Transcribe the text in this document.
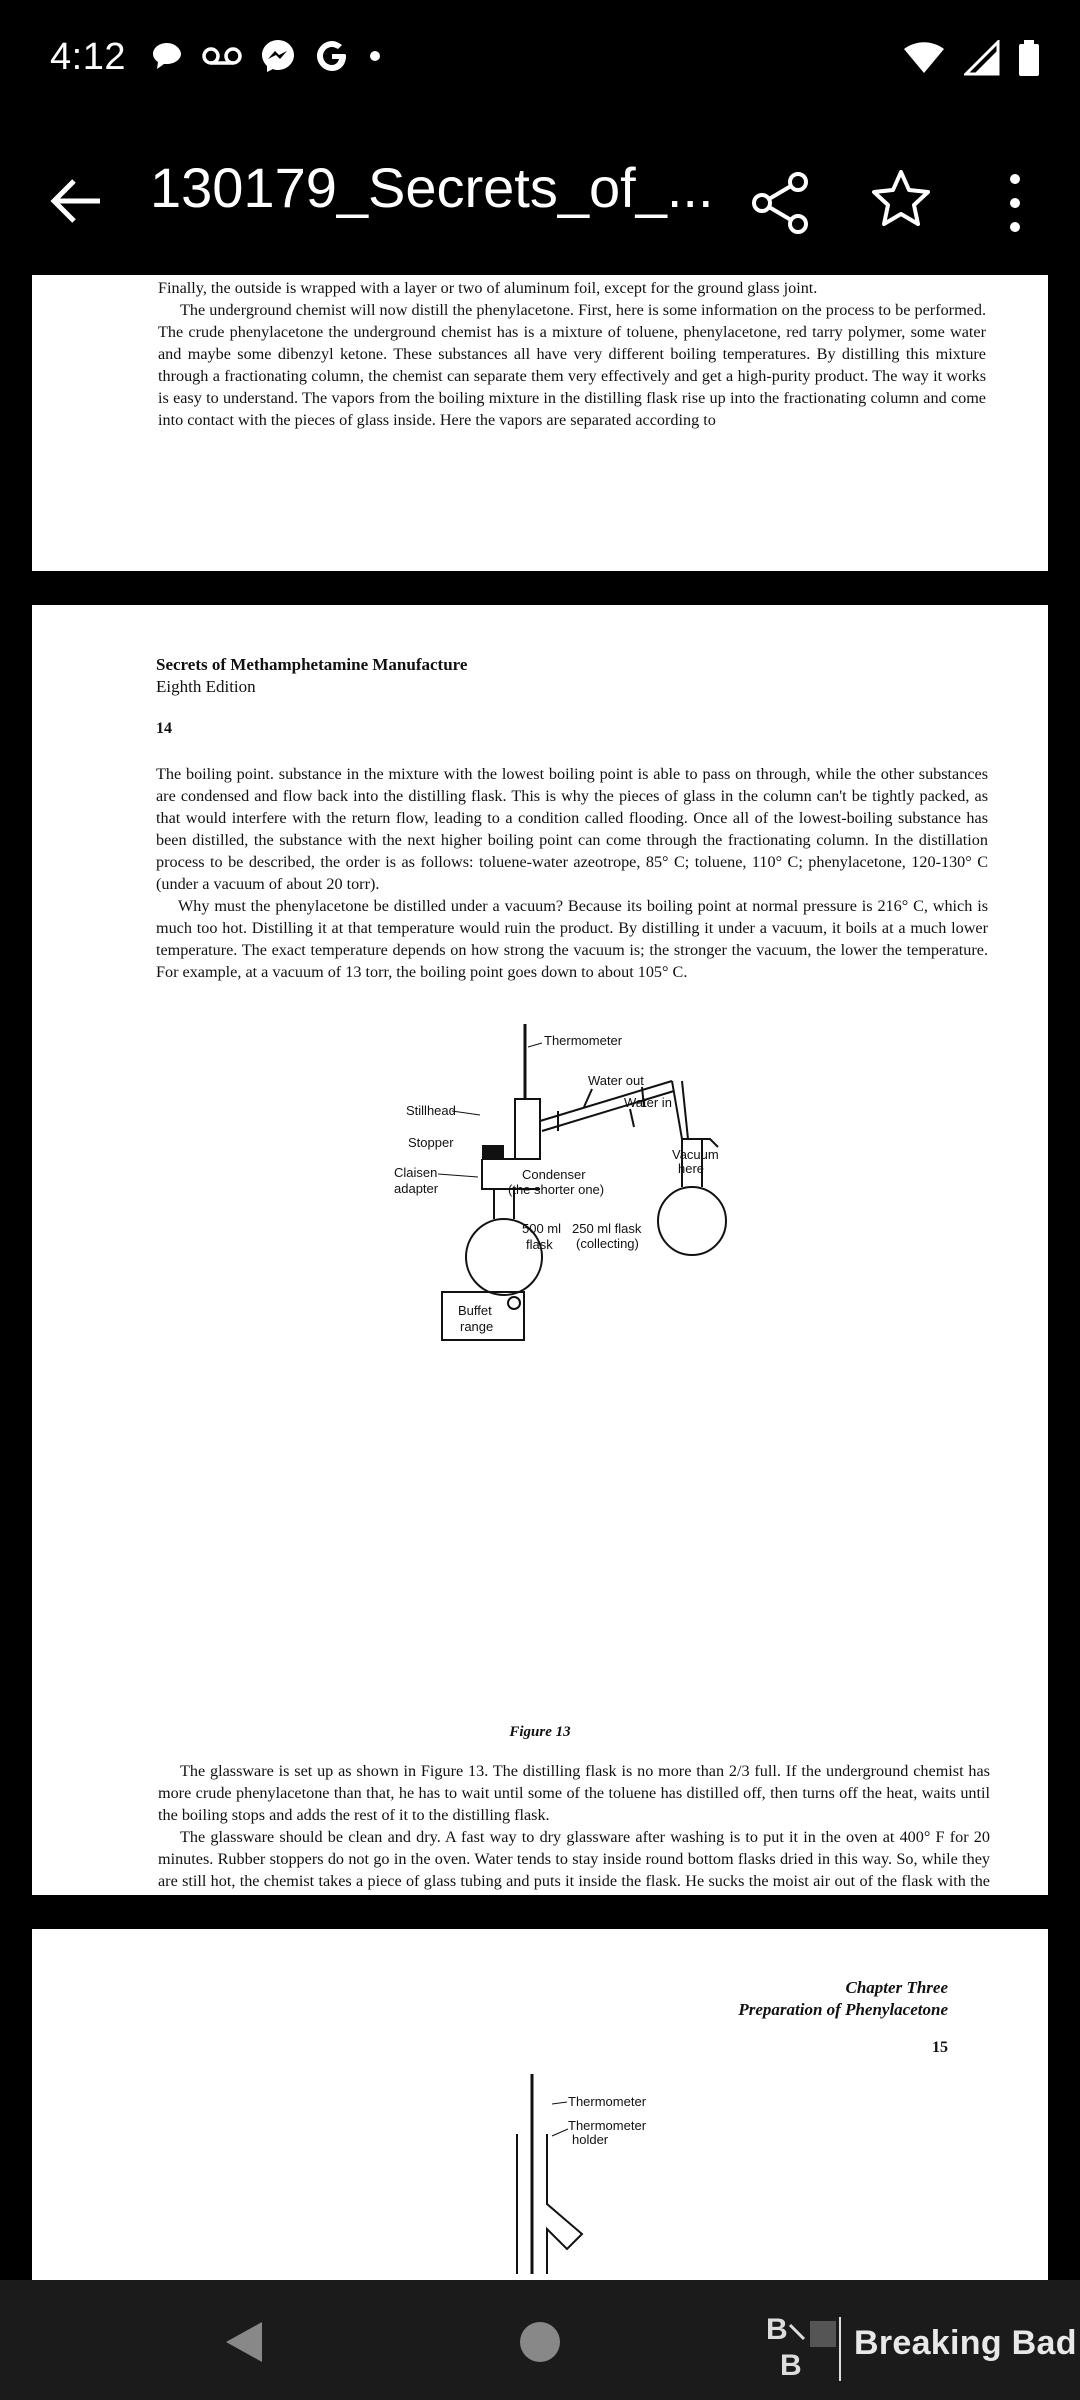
4:12
130179_Secrets_of_...

Finally, the outside is wrapped with a layer or two of aluminum foil, except for the ground glass joint.

The underground chemist will now distill the phenylacetone. First, here is some information on the process to be performed. The crude phenylacetone the underground chemist has is a mixture of toluene, phenylacetone, red tarry polymer, some water and maybe some dibenzyl ketone. These substances all have very different boiling temperatures. By distilling this mixture through a fractionating column, the chemist can separate them very effectively and get a high-purity product. The way it works is easy to understand. The vapors from the boiling mixture in the distilling flask rise up into the fractionating column and come into contact with the pieces of glass inside. Here the vapors are separated according to

Secrets of Methamphetamine Manufacture
Eighth Edition
14

The boiling point. substance in the mixture with the lowest boiling point is able to pass on through, while the other substances are condensed and flow back into the distilling flask. This is why the pieces of glass in the column can't be tightly packed, as that would interfere with the return flow, leading to a condition called flooding. Once all of the lowest-boiling substance has been distilled, the substance with the next higher boiling point can come through the fractionating column. In the distillation process to be described, the order is as follows: toluene-water azeotrope, 85° C; toluene, 110° C; phenylacetone, 120-130° C (under a vacuum of about 20 torr).

Why must the phenylacetone be distilled under a vacuum? Because its boiling point at normal pressure is 216° C, which is much too hot. Distilling it at that temperature would ruin the product. By distilling it under a vacuum, it boils at a much lower temperature. The exact temperature depends on how strong the vacuum is; the stronger the vacuum, the lower the temperature. For example, at a vacuum of 13 torr, the boiling point goes down to about 105° C.

Thermometer
Water out
Water in
Stillhead
Stopper
Claisen
adapter
Condenser
(the shorter one)
Vacuum
here
500 ml
flask
250 ml flask
(collecting)
Buffet
range
Figure 13

The glassware is set up as shown in Figure 13. The distilling flask is no more than 2/3 full. If the underground chemist has more crude phenylacetone than that, he has to wait until some of the toluene has distilled off, then turns off the heat, waits until the boiling stops and adds the rest of it to the distilling flask.

The glassware should be clean and dry. A fast way to dry glassware after washing is to put it in the oven at 400° F for 20 minutes. Rubber stoppers do not go in the oven. Water tends to stay inside round bottom flasks dried in this way. So, while they are still hot, the chemist takes a piece of glass tubing and puts it inside the flask. He sucks the moist air out of the flask with the

Chapter Three
Preparation of Phenylacetone
15
Thermometer
Thermometer
holder
B
B
Breaking Bad
